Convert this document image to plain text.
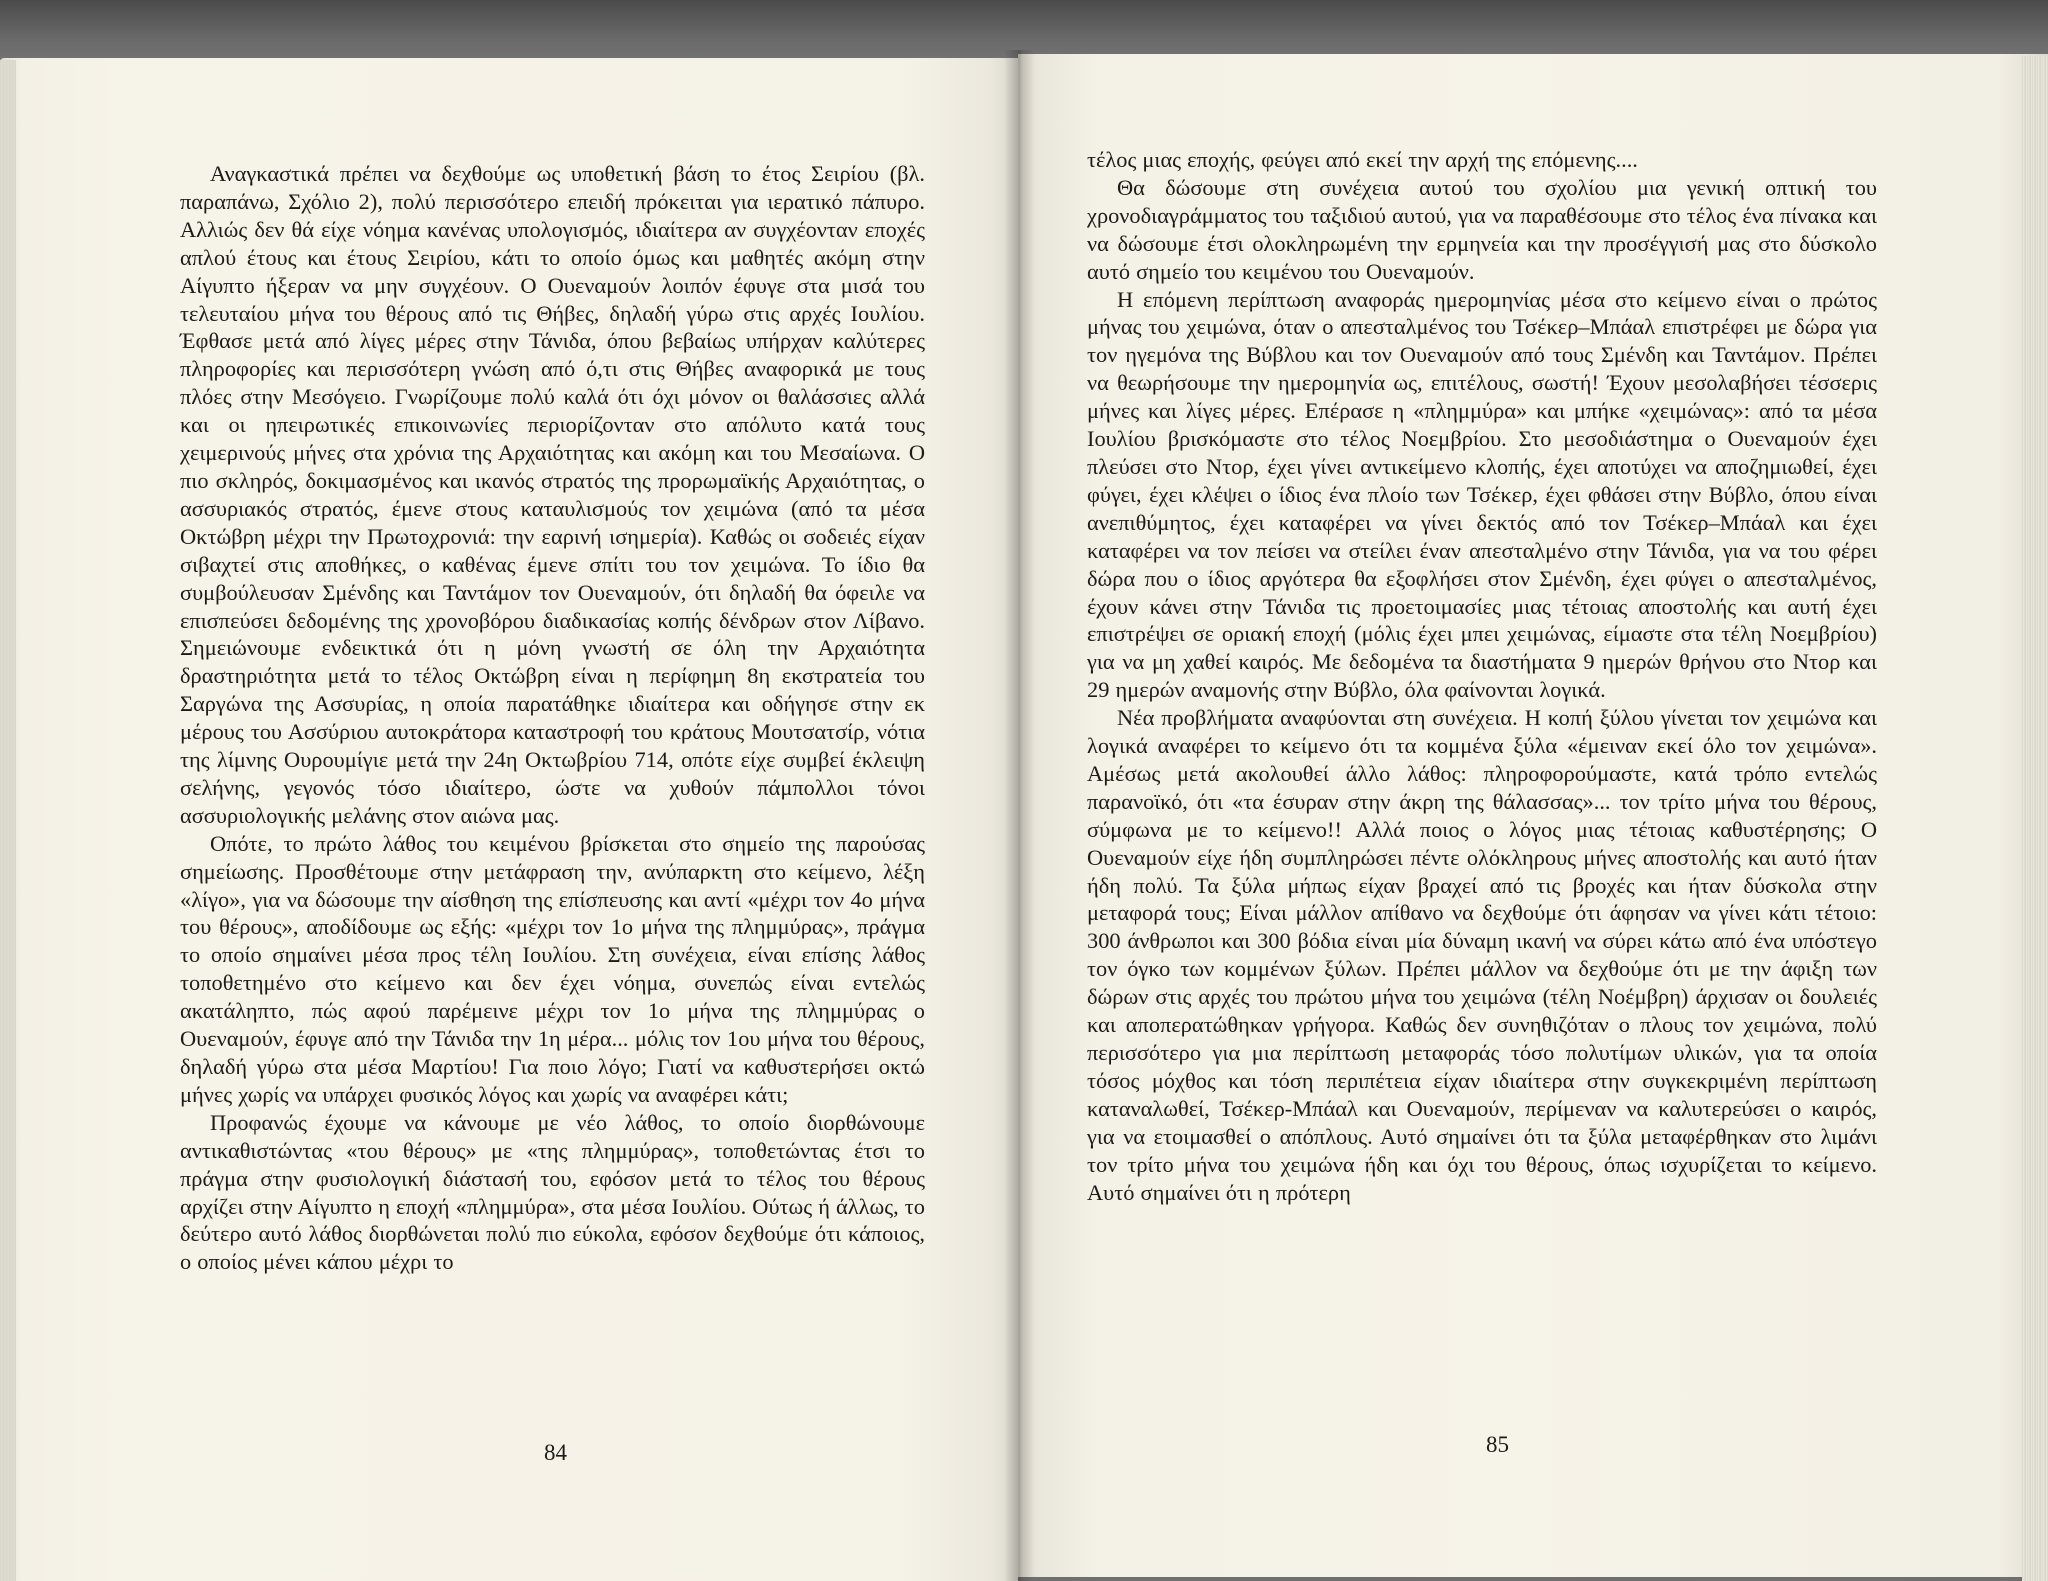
Αναγκαστικά πρέπει να δεχθούμε ως υποθετική βάση το έτος Σειρίου (βλ. παραπάνω, Σχόλιο 2), πολύ περισσότερο επειδή πρόκειται για ιερατικό πάπυρο. Αλλιώς δεν θά είχε νόημα κανένας υπολογισμός, ιδιαίτερα αν συγχέονταν εποχές απλού έτους και έτους Σειρίου, κάτι το οποίο όμως και μαθητές ακόμη στην Αίγυπτο ήξεραν να μην συγχέουν. Ο Ουεναμούν λοιπόν έφυγε στα μισά του τελευταίου μήνα του θέρους από τις Θήβες, δηλαδή γύρω στις αρχές Ιουλίου. Έφθασε μετά από λίγες μέρες στην Τάνιδα, όπου βεβαίως υπήρχαν καλύτερες πληροφορίες και περισσότερη γνώση από ό,τι στις Θήβες αναφορικά με τους πλόες στην Μεσόγειο. Γνωρίζουμε πολύ καλά ότι όχι μόνον οι θαλάσσιες αλλά και οι ηπειρωτικές επικοινωνίες περιορίζονταν στο απόλυτο κατά τους χειμερινούς μήνες στα χρόνια της Αρχαιότητας και ακόμη και του Μεσαίωνα. Ο πιο σκληρός, δοκιμασμένος και ικανός στρατός της προρωμαϊκής Αρχαιότητας, ο ασσυριακός στρατός, έμενε στους καταυλισμούς τον χειμώνα (από τα μέσα Οκτώβρη μέχρι την Πρωτοχρονιά: την εαρινή ισημερία). Καθώς οι σοδειές είχαν σιβαχτεί στις αποθήκες, ο καθένας έμενε σπίτι του τον χειμώνα. Το ίδιο θα συμβούλευσαν Σμένδης και Ταντάμον τον Ουεναμούν, ότι δηλαδή θα όφειλε να επισπεύσει δεδομένης της χρονοβόρου διαδικασίας κοπής δένδρων στον Λίβανο. Σημειώνουμε ενδεικτικά ότι η μόνη γνωστή σε όλη την Αρχαιότητα δραστηριότητα μετά το τέλος Οκτώβρη είναι η περίφημη 8η εκστρατεία του Σαργώνα της Ασσυρίας, η οποία παρατάθηκε ιδιαίτερα και οδήγησε στην εκ μέρους του Ασσύριου αυτοκράτορα καταστροφή του κράτους Μουτσατσίρ, νότια της λίμνης Ουρουμίγιε μετά την 24η Οκτωβρίου 714, οπότε είχε συμβεί έκλειψη σελήνης, γεγονός τόσο ιδιαίτερο, ώστε να χυθούν πάμπολλοι τόνοι ασσυριολογικής μελάνης στον αιώνα μας.

Οπότε, το πρώτο λάθος του κειμένου βρίσκεται στο σημείο της παρούσας σημείωσης. Προσθέτουμε στην μετάφραση την, ανύπαρκτη στο κείμενο, λέξη «λίγο», για να δώσουμε την αίσθηση της επίσπευσης και αντί «μέχρι τον 4ο μήνα του θέρους», αποδίδουμε ως εξής: «μέχρι τον 1ο μήνα της πλημμύρας», πράγμα το οποίο σημαίνει μέσα προς τέλη Ιουλίου. Στη συνέχεια, είναι επίσης λάθος τοποθετημένο στο κείμενο και δεν έχει νόημα, συνεπώς είναι εντελώς ακατάληπτο, πώς αφού παρέμεινε μέχρι τον 1ο μήνα της πλημμύρας ο Ουεναμούν, έφυγε από την Τάνιδα την 1η μέρα... μόλις τον 1ου μήνα του θέρους, δηλαδή γύρω στα μέσα Μαρτίου! Για ποιο λόγο; Γιατί να καθυστερήσει οκτώ μήνες χωρίς να υπάρχει φυσικός λόγος και χωρίς να αναφέρει κάτι;

Προφανώς έχουμε να κάνουμε με νέο λάθος, το οποίο διορθώνουμε αντικαθιστώντας «του θέρους» με «της πλημμύρας», τοποθετώντας έτσι το πράγμα στην φυσιολογική διάστασή του, εφόσον μετά το τέλος του θέρους αρχίζει στην Αίγυπτο η εποχή «πλημμύρα», στα μέσα Ιουλίου. Ούτως ή άλλως, το δεύτερο αυτό λάθος διορθώνεται πολύ πιο εύκολα, εφόσον δεχθούμε ότι κάποιος, ο οποίος μένει κάπου μέχρι το

τέλος μιας εποχής, φεύγει από εκεί την αρχή της επόμενης....

Θα δώσουμε στη συνέχεια αυτού του σχολίου μια γενική οπτική του χρονοδιαγράμματος του ταξιδιού αυτού, για να παραθέσουμε στο τέλος ένα πίνακα και να δώσουμε έτσι ολοκληρωμένη την ερμηνεία και την προσέγγισή μας στο δύσκολο αυτό σημείο του κειμένου του Ουεναμούν.

Η επόμενη περίπτωση αναφοράς ημερομηνίας μέσα στο κείμενο είναι ο πρώτος μήνας του χειμώνα, όταν ο απεσταλμένος του Τσέκερ–Μπάαλ επιστρέφει με δώρα για τον ηγεμόνα της Βύβλου και τον Ουεναμούν από τους Σμένδη και Ταντάμον. Πρέπει να θεωρήσουμε την ημερομηνία ως, επιτέλους, σωστή! Έχουν μεσολαβήσει τέσσερις μήνες και λίγες μέρες. Επέρασε η «πλημμύρα» και μπήκε «χειμώνας»: από τα μέσα Ιουλίου βρισκόμαστε στο τέλος Νοεμβρίου. Στο μεσοδιάστημα ο Ουεναμούν έχει πλεύσει στο Ντορ, έχει γίνει αντικείμενο κλοπής, έχει αποτύχει να αποζημιωθεί, έχει φύγει, έχει κλέψει ο ίδιος ένα πλοίο των Τσέκερ, έχει φθάσει στην Βύβλο, όπου είναι ανεπιθύμητος, έχει καταφέρει να γίνει δεκτός από τον Τσέκερ–Μπάαλ και έχει καταφέρει να τον πείσει να στείλει έναν απεσταλμένο στην Τάνιδα, για να του φέρει δώρα που ο ίδιος αργότερα θα εξοφλήσει στον Σμένδη, έχει φύγει ο απεσταλμένος, έχουν κάνει στην Τάνιδα τις προετοιμασίες μιας τέτοιας αποστολής και αυτή έχει επιστρέψει σε οριακή εποχή (μόλις έχει μπει χειμώνας, είμαστε στα τέλη Νοεμβρίου) για να μη χαθεί καιρός. Με δεδομένα τα διαστήματα 9 ημερών θρήνου στο Ντορ και 29 ημερών αναμονής στην Βύβλο, όλα φαίνονται λογικά.

Νέα προβλήματα αναφύονται στη συνέχεια. Η κοπή ξύλου γίνεται τον χειμώνα και λογικά αναφέρει το κείμενο ότι τα κομμένα ξύλα «έμειναν εκεί όλο τον χειμώνα». Αμέσως μετά ακολουθεί άλλο λάθος: πληροφορούμαστε, κατά τρόπο εντελώς παρανοϊκό, ότι «τα έσυραν στην άκρη της θάλασσας»... τον τρίτο μήνα του θέρους, σύμφωνα με το κείμενο!! Αλλά ποιος ο λόγος μιας τέτοιας καθυστέρησης; Ο Ουεναμούν είχε ήδη συμπληρώσει πέντε ολόκληρους μήνες αποστολής και αυτό ήταν ήδη πολύ. Τα ξύλα μήπως είχαν βραχεί από τις βροχές και ήταν δύσκολα στην μεταφορά τους; Είναι μάλλον απίθανο να δεχθούμε ότι άφησαν να γίνει κάτι τέτοιο: 300 άνθρωποι και 300 βόδια είναι μία δύναμη ικανή να σύρει κάτω από ένα υπόστεγο τον όγκο των κομμένων ξύλων. Πρέπει μάλλον να δεχθούμε ότι με την άφιξη των δώρων στις αρχές του πρώτου μήνα του χειμώνα (τέλη Νοέμβρη) άρχισαν οι δουλειές και αποπερατώθηκαν γρήγορα. Καθώς δεν συνηθιζόταν ο πλους τον χειμώνα, πολύ περισσότερο για μια περίπτωση μεταφοράς τόσο πολυτίμων υλικών, για τα οποία τόσος μόχθος και τόση περιπέτεια είχαν ιδιαίτερα στην συγκεκριμένη περίπτωση καταναλωθεί, Τσέκερ-Μπάαλ και Ουεναμούν, περίμεναν να καλυτερεύσει ο καιρός, για να ετοιμασθεί ο απόπλους. Αυτό σημαίνει ότι τα ξύλα μεταφέρθηκαν στο λιμάνι τον τρίτο μήνα του χειμώνα ήδη και όχι του θέρους, όπως ισχυρίζεται το κείμενο. Αυτό σημαίνει ότι η πρότερη

84	85
